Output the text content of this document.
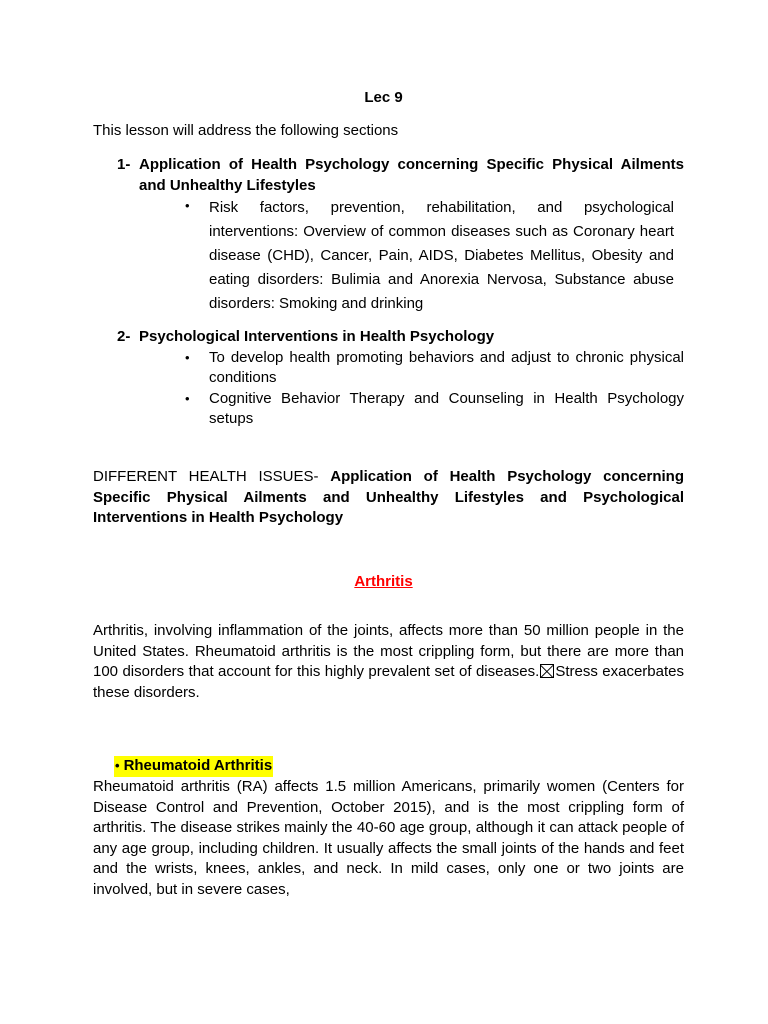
Lec 9
This lesson will address the following sections
1- Application of Health Psychology concerning Specific Physical Ailments and Unhealthy Lifestyles
•	Risk factors, prevention, rehabilitation, and psychological interventions: Overview of common diseases such as Coronary heart disease (CHD), Cancer, Pain, AIDS, Diabetes Mellitus, Obesity and eating disorders: Bulimia and Anorexia Nervosa, Substance abuse disorders: Smoking and drinking
2- Psychological Interventions in Health Psychology
•	To develop health promoting behaviors and adjust to chronic physical conditions
•	Cognitive Behavior Therapy and Counseling in Health Psychology setups
DIFFERENT HEALTH ISSUES- Application of Health Psychology concerning Specific Physical Ailments and Unhealthy Lifestyles and Psychological Interventions in Health Psychology
Arthritis
Arthritis, involving inflammation of the joints, affects more than 50 million people in the United States. Rheumatoid arthritis is the most crippling form, but there are more than 100 disorders that account for this highly prevalent set of diseases. Stress exacerbates these disorders.
• Rheumatoid Arthritis
Rheumatoid arthritis (RA) affects 1.5 million Americans, primarily women (Centers for Disease Control and Prevention, October 2015), and is the most crippling form of arthritis. The disease strikes mainly the 40-60 age group, although it can attack people of any age group, including children. It usually affects the small joints of the hands and feet and the wrists, knees, ankles, and neck. In mild cases, only one or two joints are involved, but in severe cases,
